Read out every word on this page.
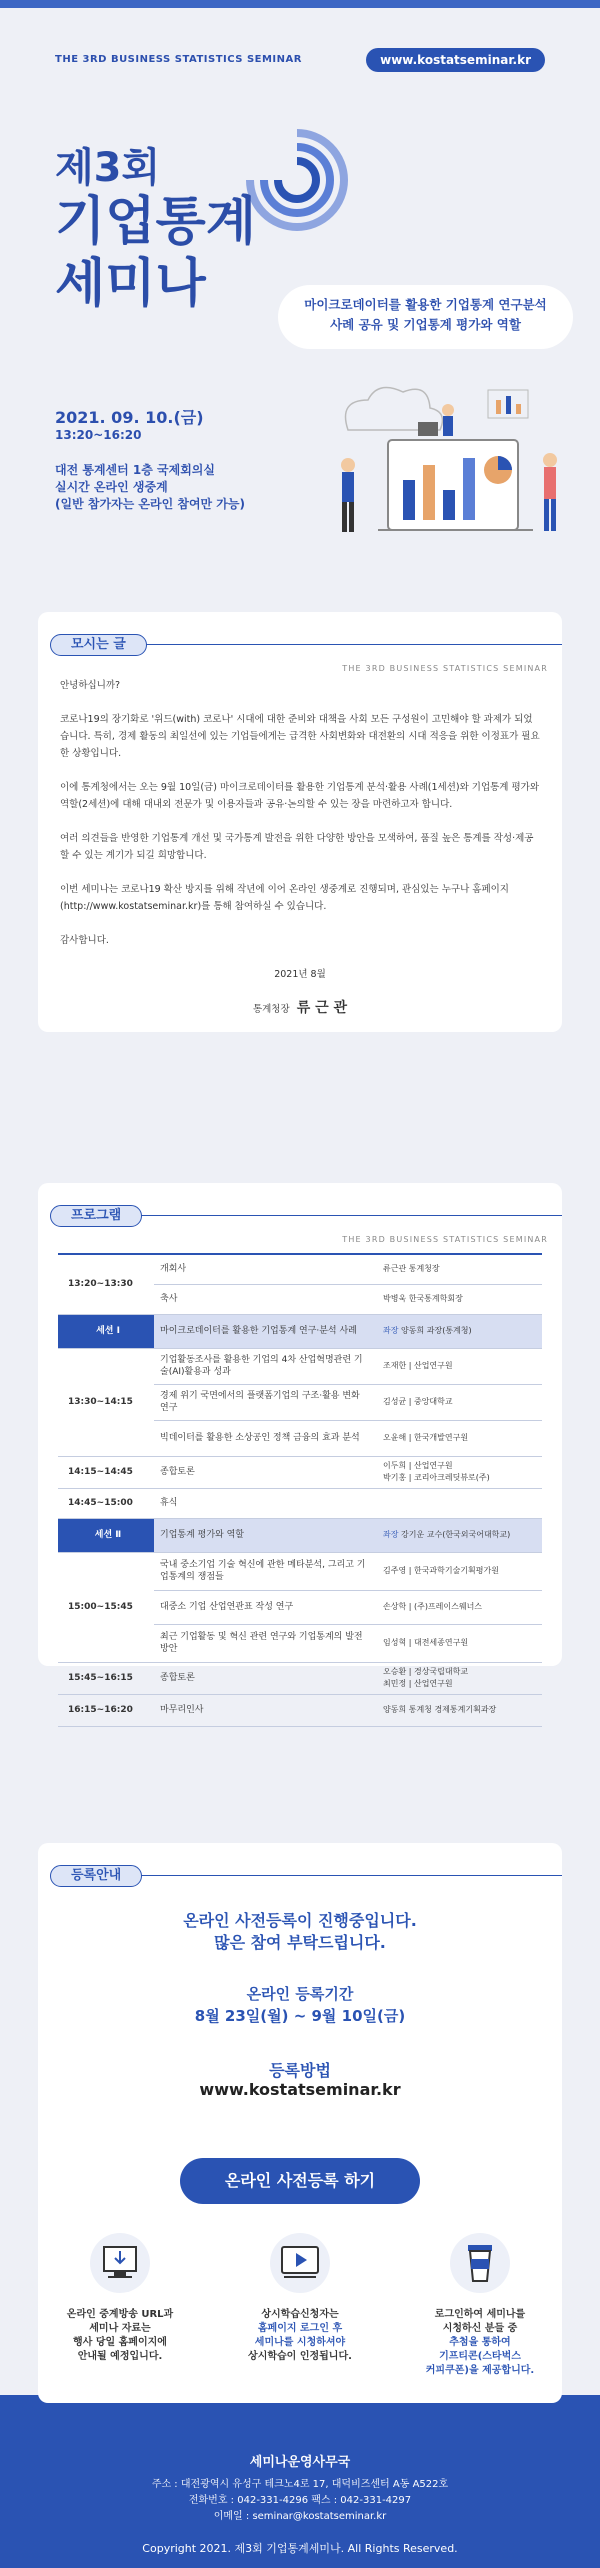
THE 3RD BUSINESS STATISTICS SEMINAR	www.kostatseminar.kr
제3회
기업통계
세미나	마이크로데이터를 활용한 기업통계 연구분석
사례 공유 및 기업통계 평가와 역할
2021. 09. 10.(금)
13:20~16:20
대전 통계센터 1층 국제회의실
실시간 온라인 생중계
(일반 참가자는 온라인 참여만 가능)
모시는 글
THE 3RD BUSINESS STATISTICS SEMINAR

안녕하십니까?

코로나19의 장기화로 '위드(with) 코로나' 시대에 대한 준비와 대책을 사회 모든 구성원이 고민해야 할 과제가 되었습니다. 특히, 경제 활동의 최일선에 있는 기업들에게는 급격한 사회변화와 대전환의 시대 적응을 위한 이정표가 필요한 상황입니다.

이에 통계청에서는 오는 9월 10일(금) 마이크로데이터를 활용한 기업통계 분석·활용 사례(1세션)와 기업통계 평가와 역할(2세션)에 대해 대내외 전문가 및 이용자들과 공유·논의할 수 있는 장을 마련하고자 합니다.

여러 의견들을 반영한 기업통계 개선 및 국가통계 발전을 위한 다양한 방안을 모색하여, 품질 높은 통계를 작성·제공할 수 있는 계기가 되길 희망합니다.

이번 세미나는 코로나19 확산 방지를 위해 작년에 이어 온라인 생중계로 진행되며, 관심있는 누구나 홈페이지(http://www.kostatseminar.kr)를 통해 참여하실 수 있습니다.

감사합니다.

2021년 8월

통계청장 류 근 관
프로그램
THE 3RD BUSINESS STATISTICS SEMINAR
13:20~13:30	개회사	류근관 통계청장
	축사	박병욱 한국통계학회장
세션 Ⅰ	마이크로데이터를 활용한 기업통계 연구·분석 사례	좌장 양동희 과장(통계청)
13:30~14:15	기업활동조사를 활용한 기업의 4차 산업혁명관련 기술(AI)활용과 성과	조재한 | 산업연구원
	경제 위기 국면에서의 플랫폼기업의 구조·활용 변화 연구	김성균 | 중앙대학교
	빅데이터를 활용한 소상공인 정책 금융의 효과 분석	오윤해 | 한국개발연구원
14:15~14:45	종합토론	이두희 | 산업연구원
박기홍 | 코리아크레딧뷰로(주)

14:45~15:00	휴식	
세션 Ⅱ	기업통계 평가와 역할	좌장 강기운 교수(한국외국어대학교)
15:00~15:45	국내 중소기업 기술 혁신에 관한 메타분석, 그리고 기업통계의 쟁점들	김주영 | 한국과학기술기획평가원
	대중소 기업 산업연관표 작성 연구	손상학 | (주)프레이스웨너스
	최근 기업활동 및 혁신 관련 연구와 기업통계의 발전 방안	임성혁 | 대전세종연구원
15:45~16:15	종합토론	오승환 | 경상국립대학교
최민정 | 산업연구원

16:15~16:20	마무리인사	양동희 통계청 경제통계기획과장
등록안내
온라인 사전등록이 진행중입니다.
많은 참여 부탁드립니다.
온라인 등록기간
8월 23일(월) ~ 9월 10일(금)
등록방법
www.kostatseminar.kr
온라인 사전등록 하기
온라인 중계방송 URL과
세미나 자료는
행사 당일 홈페이지에
안내될 예정입니다.
상시학습신청자는
홈페이지 로그인 후
세미나를 시청하셔야
상시학습이 인정됩니다.
로그인하여 세미나를
시청하신 분들 중
추첨을 통하여
기프티콘(스타벅스
커피쿠폰)을 제공합니다.
세미나운영사무국
주소 : 대전광역시 유성구 테크노4로 17, 대덕비즈센터 A동 A522호
전화번호 : 042-331-4296 팩스 : 042-331-4297
이메일 : seminar@kostatseminar.kr
Copyright 2021. 제3회 기업통계세미나. All Rights Reserved.
